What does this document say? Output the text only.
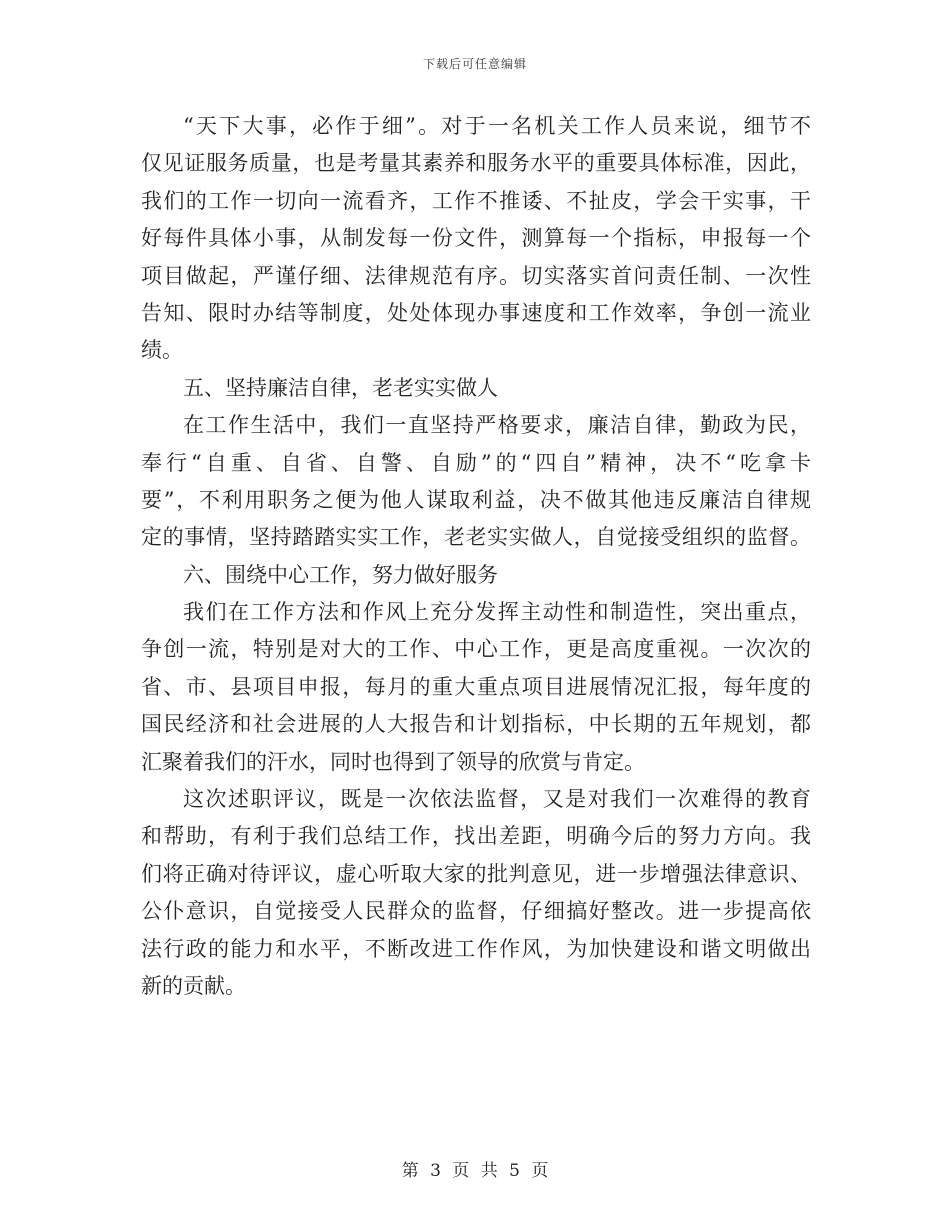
下载后可任意编辑
“天下大事，必作于细”。对于一名机关工作人员来说，细节不
仅见证服务质量，也是考量其素养和服务水平的重要具体标准，因此，
我们的工作一切向一流看齐，工作不推诿、不扯皮，学会干实事，干
好每件具体小事，从制发每一份文件，测算每一个指标，申报每一个
项目做起，严谨仔细、法律规范有序。切实落实首问责任制、一次性
告知、限时办结等制度，处处体现办事速度和工作效率，争创一流业
绩。
五、坚持廉洁自律，老老实实做人
在工作生活中，我们一直坚持严格要求，廉洁自律，勤政为民，
奉行“自重、自省、自警、自励”的“四自”精神，决不“吃拿卡
要”，不利用职务之便为他人谋取利益，决不做其他违反廉洁自律规
定的事情，坚持踏踏实实工作，老老实实做人，自觉接受组织的监督。
六、围绕中心工作，努力做好服务
我们在工作方法和作风上充分发挥主动性和制造性，突出重点，
争创一流，特别是对大的工作、中心工作，更是高度重视。一次次的
省、市、县项目申报，每月的重大重点项目进展情况汇报，每年度的
国民经济和社会进展的人大报告和计划指标，中长期的五年规划，都
汇聚着我们的汗水，同时也得到了领导的欣赏与肯定。
这次述职评议，既是一次依法监督，又是对我们一次难得的教育
和帮助，有利于我们总结工作，找出差距，明确今后的努力方向。我
们将正确对待评议，虚心听取大家的批判意见，进一步增强法律意识、
公仆意识，自觉接受人民群众的监督，仔细搞好整改。进一步提高依
法行政的能力和水平，不断改进工作作风，为加快建设和谐文明做出
新的贡献。
第 3 页 共 5 页
